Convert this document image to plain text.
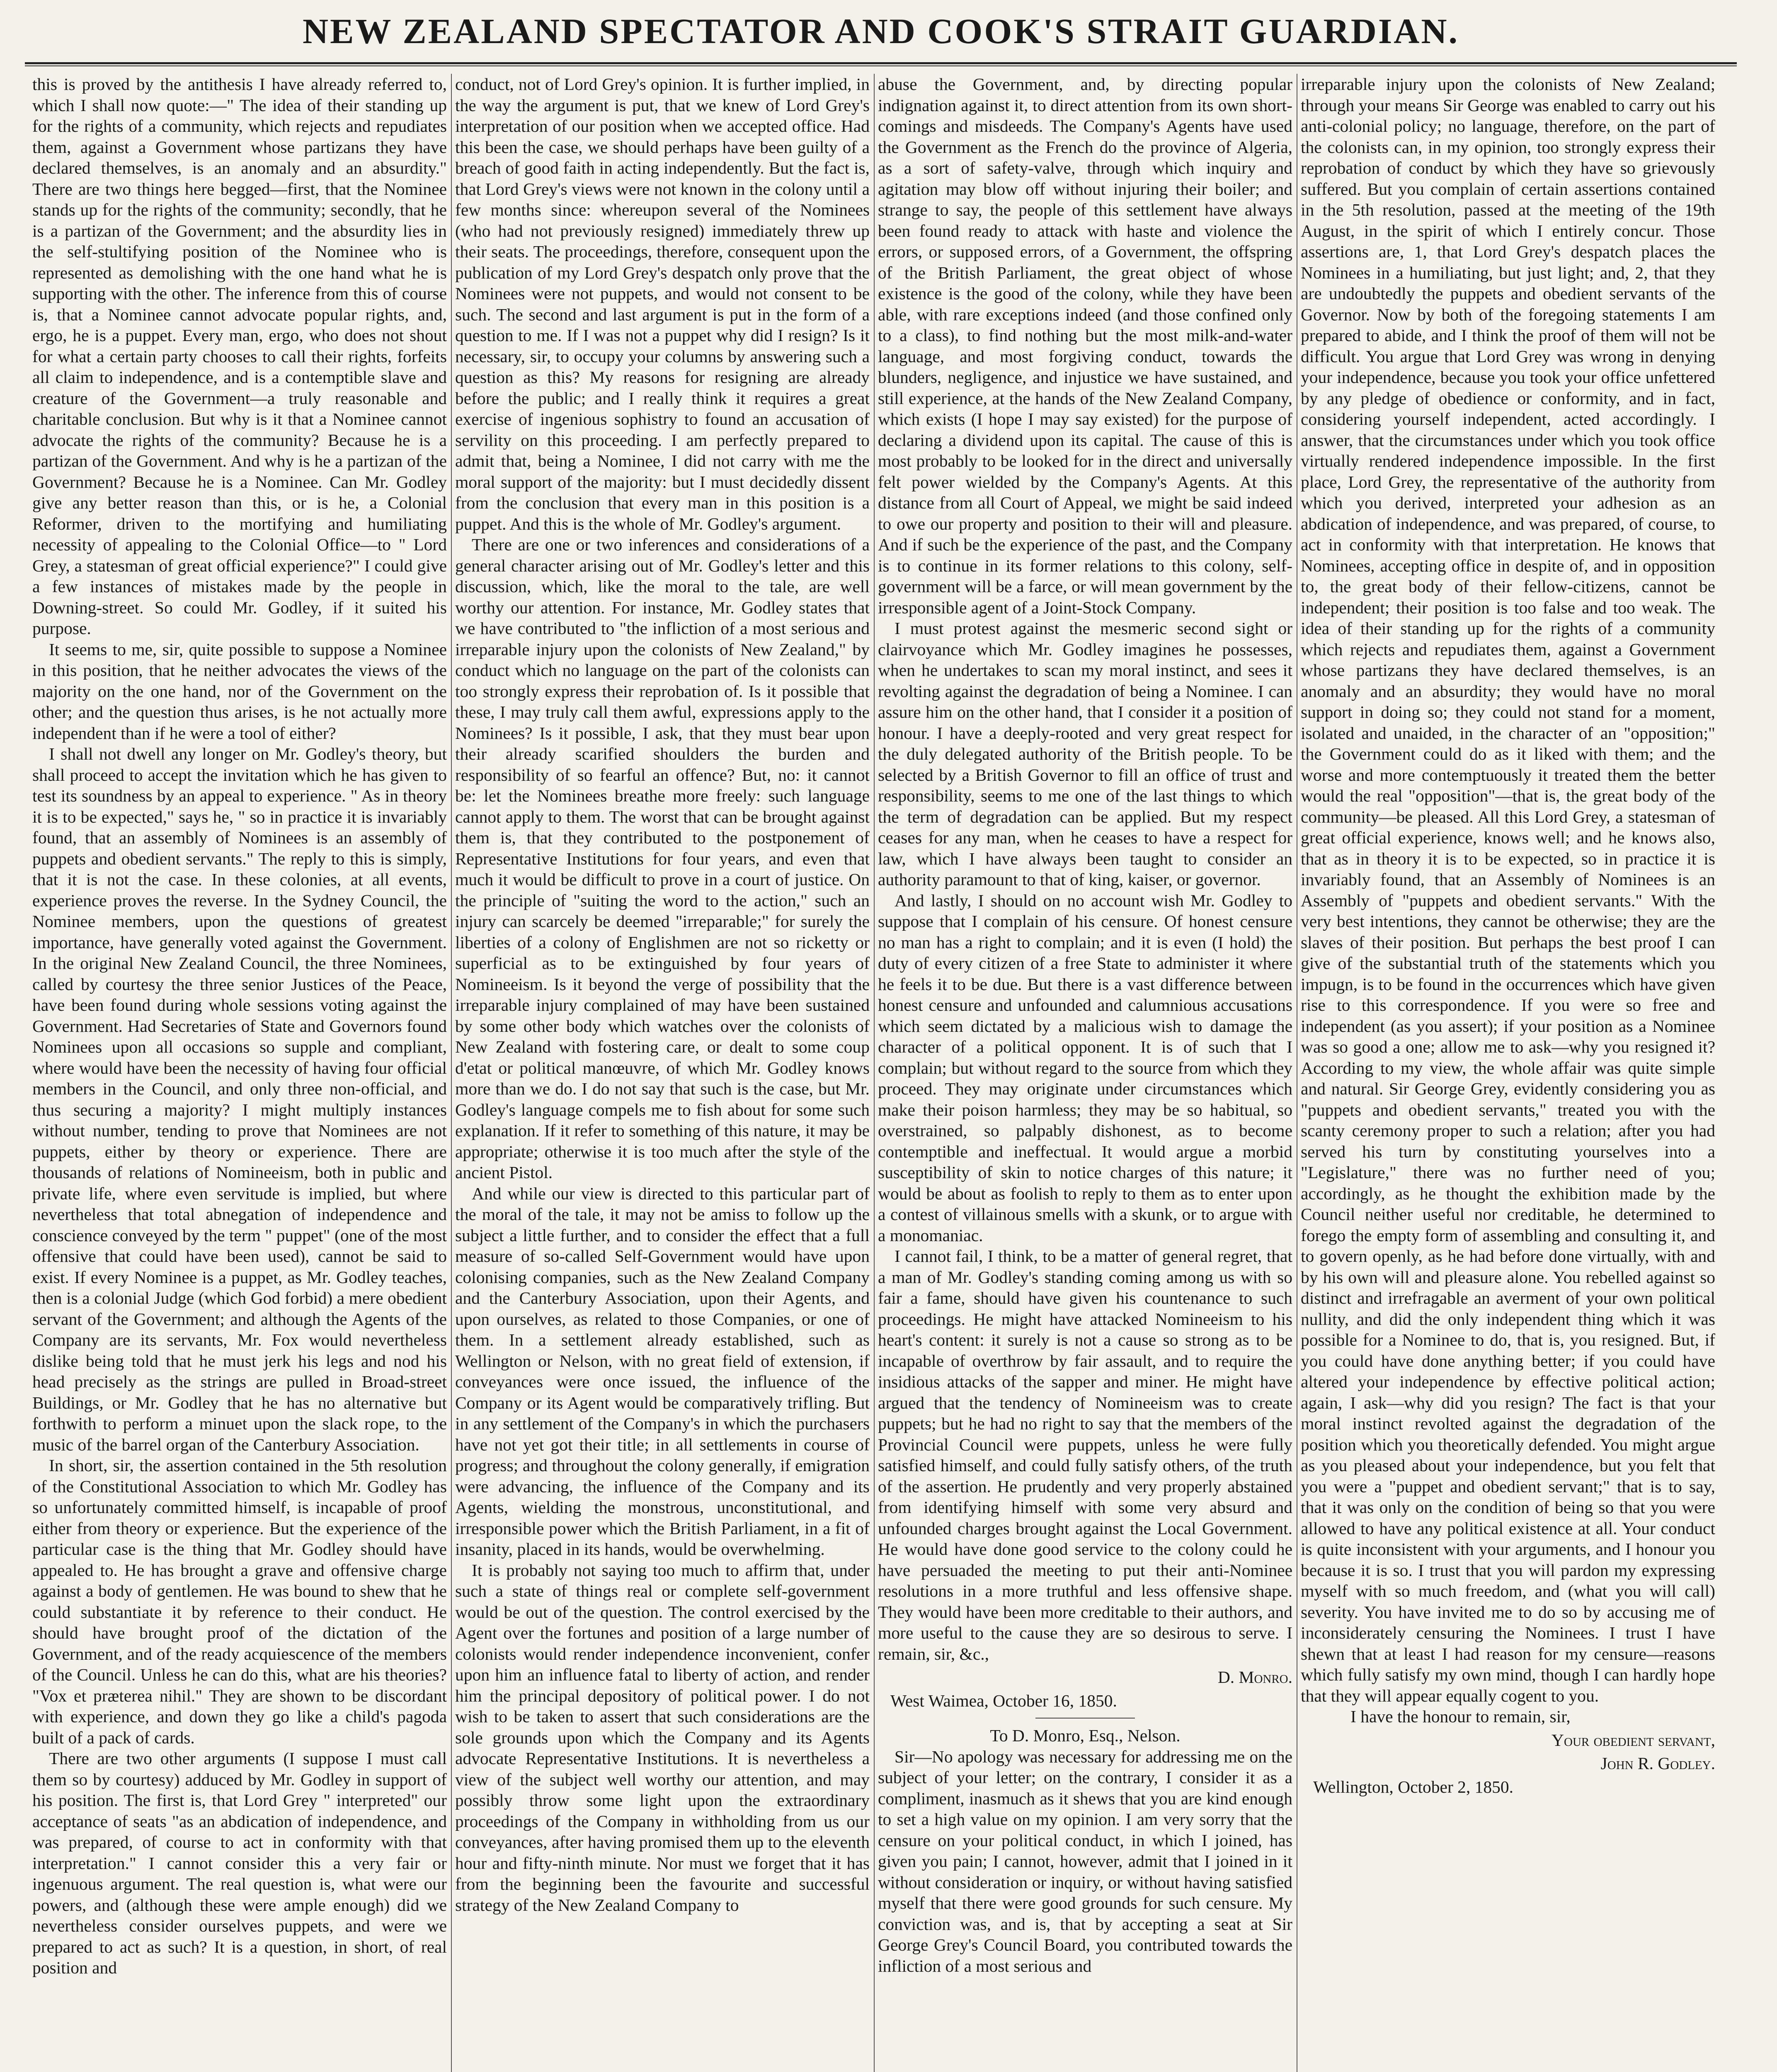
NEW ZEALAND SPECTATOR AND COOK'S STRAIT GUARDIAN.

this is proved by the antithesis I have already referred to, which I shall now quote:—" The idea of their standing up for the rights of a community, which rejects and repudiates them, against a Government whose partizans they have declared themselves, is an anomaly and an absurdity." There are two things here begged—first, that the Nominee stands up for the rights of the community; secondly, that he is a partizan of the Government; and the absurdity lies in the self-stultifying position of the Nominee who is represented as demolishing with the one hand what he is supporting with the other. The inference from this of course is, that a Nominee cannot advocate popular rights, and, ergo, he is a puppet. Every man, ergo, who does not shout for what a certain party chooses to call their rights, forfeits all claim to independence, and is a contemptible slave and creature of the Government—a truly reasonable and charitable conclusion. But why is it that a Nominee cannot advocate the rights of the community? Because he is a partizan of the Government. And why is he a partizan of the Government? Because he is a Nominee. Can Mr. Godley give any better reason than this, or is he, a Colonial Reformer, driven to the mortifying and humiliating necessity of appealing to the Colonial Office—to " Lord Grey, a statesman of great official experience?" I could give a few instances of mistakes made by the people in Downing-street. So could Mr. Godley, if it suited his purpose.

It seems to me, sir, quite possible to suppose a Nominee in this position, that he neither advocates the views of the majority on the one hand, nor of the Government on the other; and the question thus arises, is he not actually more independent than if he were a tool of either?

I shall not dwell any longer on Mr. Godley's theory, but shall proceed to accept the invitation which he has given to test its soundness by an appeal to experience. " As in theory it is to be expected," says he, " so in practice it is invariably found, that an assembly of Nominees is an assembly of puppets and obedient servants." The reply to this is simply, that it is not the case. In these colonies, at all events, experience proves the reverse. In the Sydney Council, the Nominee members, upon the questions of greatest importance, have generally voted against the Government. In the original New Zealand Council, the three Nominees, called by courtesy the three senior Justices of the Peace, have been found during whole sessions voting against the Government. Had Secretaries of State and Governors found Nominees upon all occasions so supple and compliant, where would have been the necessity of having four official members in the Council, and only three non-official, and thus securing a majority? I might multiply instances without number, tending to prove that Nominees are not puppets, either by theory or experience. There are thousands of relations of Nomineeism, both in public and private life, where even servitude is implied, but where nevertheless that total abnegation of independence and conscience conveyed by the term " puppet" (one of the most offensive that could have been used), cannot be said to exist. If every Nominee is a puppet, as Mr. Godley teaches, then is a colonial Judge (which God forbid) a mere obedient servant of the Government; and although the Agents of the Company are its servants, Mr. Fox would nevertheless dislike being told that he must jerk his legs and nod his head precisely as the strings are pulled in Broad-street Buildings, or Mr. Godley that he has no alternative but forthwith to perform a minuet upon the slack rope, to the music of the barrel organ of the Canterbury Association.

In short, sir, the assertion contained in the 5th resolution of the Constitutional Association to which Mr. Godley has so unfortunately committed himself, is incapable of proof either from theory or experience. But the experience of the particular case is the thing that Mr. Godley should have appealed to. He has brought a grave and offensive charge against a body of gentlemen. He was bound to shew that he could substantiate it by reference to their conduct. He should have brought proof of the dictation of the Government, and of the ready acquiescence of the members of the Council. Unless he can do this, what are his theories? "Vox et præterea nihil." They are shown to be discordant with experience, and down they go like a child's pagoda built of a pack of cards.

There are two other arguments (I suppose I must call them so by courtesy) adduced by Mr. Godley in support of his position. The first is, that Lord Grey " interpreted" our acceptance of seats "as an abdication of independence, and was prepared, of course to act in conformity with that interpretation." I cannot consider this a very fair or ingenuous argument. The real question is, what were our powers, and (although these were ample enough) did we nevertheless consider ourselves puppets, and were we prepared to act as such? It is a question, in short, of real position and

conduct, not of Lord Grey's opinion. It is further implied, in the way the argument is put, that we knew of Lord Grey's interpretation of our position when we accepted office. Had this been the case, we should perhaps have been guilty of a breach of good faith in acting independently. But the fact is, that Lord Grey's views were not known in the colony until a few months since: whereupon several of the Nominees (who had not previously resigned) immediately threw up their seats. The proceedings, therefore, consequent upon the publication of my Lord Grey's despatch only prove that the Nominees were not puppets, and would not consent to be such. The second and last argument is put in the form of a question to me. If I was not a puppet why did I resign? Is it necessary, sir, to occupy your columns by answering such a question as this? My reasons for resigning are already before the public; and I really think it requires a great exercise of ingenious sophistry to found an accusation of servility on this proceeding. I am perfectly prepared to admit that, being a Nominee, I did not carry with me the moral support of the majority: but I must decidedly dissent from the conclusion that every man in this position is a puppet. And this is the whole of Mr. Godley's argument.

There are one or two inferences and considerations of a general character arising out of Mr. Godley's letter and this discussion, which, like the moral to the tale, are well worthy our attention. For instance, Mr. Godley states that we have contributed to "the infliction of a most serious and irreparable injury upon the colonists of New Zealand," by conduct which no language on the part of the colonists can too strongly express their reprobation of. Is it possible that these, I may truly call them awful, expressions apply to the Nominees? Is it possible, I ask, that they must bear upon their already scarified shoulders the burden and responsibility of so fearful an offence? But, no: it cannot be: let the Nominees breathe more freely: such language cannot apply to them. The worst that can be brought against them is, that they contributed to the postponement of Representative Institutions for four years, and even that much it would be difficult to prove in a court of justice. On the principle of "suiting the word to the action," such an injury can scarcely be deemed "irreparable;" for surely the liberties of a colony of Englishmen are not so ricketty or superficial as to be extinguished by four years of Nomineeism. Is it beyond the verge of possibility that the irreparable injury complained of may have been sustained by some other body which watches over the colonists of New Zealand with fostering care, or dealt to some coup d'etat or political manœuvre, of which Mr. Godley knows more than we do. I do not say that such is the case, but Mr. Godley's language compels me to fish about for some such explanation. If it refer to something of this nature, it may be appropriate; otherwise it is too much after the style of the ancient Pistol.

And while our view is directed to this particular part of the moral of the tale, it may not be amiss to follow up the subject a little further, and to consider the effect that a full measure of so-called Self-Government would have upon colonising companies, such as the New Zealand Company and the Canterbury Association, upon their Agents, and upon ourselves, as related to those Companies, or one of them. In a settlement already established, such as Wellington or Nelson, with no great field of extension, if conveyances were once issued, the influence of the Company or its Agent would be comparatively trifling. But in any settlement of the Company's in which the purchasers have not yet got their title; in all settlements in course of progress; and throughout the colony generally, if emigration were advancing, the influence of the Company and its Agents, wielding the monstrous, unconstitutional, and irresponsible power which the British Parliament, in a fit of insanity, placed in its hands, would be overwhelming.

It is probably not saying too much to affirm that, under such a state of things real or complete self-government would be out of the question. The control exercised by the Agent over the fortunes and position of a large number of colonists would render independence inconvenient, confer upon him an influence fatal to liberty of action, and render him the principal depository of political power. I do not wish to be taken to assert that such considerations are the sole grounds upon which the Company and its Agents advocate Representative Institutions. It is nevertheless a view of the subject well worthy our attention, and may possibly throw some light upon the extraordinary proceedings of the Company in withholding from us our conveyances, after having promised them up to the eleventh hour and fifty-ninth minute. Nor must we forget that it has from the beginning been the favourite and successful strategy of the New Zealand Company to

abuse the Government, and, by directing popular indignation against it, to direct attention from its own short-comings and misdeeds. The Company's Agents have used the Government as the French do the province of Algeria, as a sort of safety-valve, through which inquiry and agitation may blow off without injuring their boiler; and strange to say, the people of this settlement have always been found ready to attack with haste and violence the errors, or supposed errors, of a Government, the offspring of the British Parliament, the great object of whose existence is the good of the colony, while they have been able, with rare exceptions indeed (and those confined only to a class), to find nothing but the most milk-and-water language, and most forgiving conduct, towards the blunders, negligence, and injustice we have sustained, and still experience, at the hands of the New Zealand Company, which exists (I hope I may say existed) for the purpose of declaring a dividend upon its capital. The cause of this is most probably to be looked for in the direct and universally felt power wielded by the Company's Agents. At this distance from all Court of Appeal, we might be said indeed to owe our property and position to their will and pleasure. And if such be the experience of the past, and the Company is to continue in its former relations to this colony, self-government will be a farce, or will mean government by the irresponsible agent of a Joint-Stock Company.

I must protest against the mesmeric second sight or clairvoyance which Mr. Godley imagines he possesses, when he undertakes to scan my moral instinct, and sees it revolting against the degradation of being a Nominee. I can assure him on the other hand, that I consider it a position of honour. I have a deeply-rooted and very great respect for the duly delegated authority of the British people. To be selected by a British Governor to fill an office of trust and responsibility, seems to me one of the last things to which the term of degradation can be applied. But my respect ceases for any man, when he ceases to have a respect for law, which I have always been taught to consider an authority paramount to that of king, kaiser, or governor.

And lastly, I should on no account wish Mr. Godley to suppose that I complain of his censure. Of honest censure no man has a right to complain; and it is even (I hold) the duty of every citizen of a free State to administer it where he feels it to be due. But there is a vast difference between honest censure and unfounded and calumnious accusations which seem dictated by a malicious wish to damage the character of a political opponent. It is of such that I complain; but without regard to the source from which they proceed. They may originate under circumstances which make their poison harmless; they may be so habitual, so overstrained, so palpably dishonest, as to become contemptible and ineffectual. It would argue a morbid susceptibility of skin to notice charges of this nature; it would be about as foolish to reply to them as to enter upon a contest of villainous smells with a skunk, or to argue with a monomaniac.

I cannot fail, I think, to be a matter of general regret, that a man of Mr. Godley's standing coming among us with so fair a fame, should have given his countenance to such proceedings. He might have attacked Nomineeism to his heart's content: it surely is not a cause so strong as to be incapable of overthrow by fair assault, and to require the insidious attacks of the sapper and miner. He might have argued that the tendency of Nomineeism was to create puppets; but he had no right to say that the members of the Provincial Council were puppets, unless he were fully satisfied himself, and could fully satisfy others, of the truth of the assertion. He prudently and very properly abstained from identifying himself with some very absurd and unfounded charges brought against the Local Government. He would have done good service to the colony could he have persuaded the meeting to put their anti-Nominee resolutions in a more truthful and less offensive shape. They would have been more creditable to their authors, and more useful to the cause they are so desirous to serve. I remain, sir, &c.,

D. Monro.

West Waimea, October 16, 1850.

To D. Monro, Esq., Nelson.

Sir—No apology was necessary for addressing me on the subject of your letter; on the contrary, I consider it as a compliment, inasmuch as it shews that you are kind enough to set a high value on my opinion. I am very sorry that the censure on your political conduct, in which I joined, has given you pain; I cannot, however, admit that I joined in it without consideration or inquiry, or without having satisfied myself that there were good grounds for such censure. My conviction was, and is, that by accepting a seat at Sir George Grey's Council Board, you contributed towards the infliction of a most serious and

irreparable injury upon the colonists of New Zealand; through your means Sir George was enabled to carry out his anti-colonial policy; no language, therefore, on the part of the colonists can, in my opinion, too strongly express their reprobation of conduct by which they have so grievously suffered. But you complain of certain assertions contained in the 5th resolution, passed at the meeting of the 19th August, in the spirit of which I entirely concur. Those assertions are, 1, that Lord Grey's despatch places the Nominees in a humiliating, but just light; and, 2, that they are undoubtedly the puppets and obedient servants of the Governor. Now by both of the foregoing statements I am prepared to abide, and I think the proof of them will not be difficult. You argue that Lord Grey was wrong in denying your independence, because you took your office unfettered by any pledge of obedience or conformity, and in fact, considering yourself independent, acted accordingly. I answer, that the circumstances under which you took office virtually rendered independence impossible. In the first place, Lord Grey, the representative of the authority from which you derived, interpreted your adhesion as an abdication of independence, and was prepared, of course, to act in conformity with that interpretation. He knows that Nominees, accepting office in despite of, and in opposition to, the great body of their fellow-citizens, cannot be independent; their position is too false and too weak. The idea of their standing up for the rights of a community which rejects and repudiates them, against a Government whose partizans they have declared themselves, is an anomaly and an absurdity; they would have no moral support in doing so; they could not stand for a moment, isolated and unaided, in the character of an "opposition;" the Government could do as it liked with them; and the worse and more contemptuously it treated them the better would the real "opposition"—that is, the great body of the community—be pleased. All this Lord Grey, a statesman of great official experience, knows well; and he knows also, that as in theory it is to be expected, so in practice it is invariably found, that an Assembly of Nominees is an Assembly of "puppets and obedient servants." With the very best intentions, they cannot be otherwise; they are the slaves of their position. But perhaps the best proof I can give of the substantial truth of the statements which you impugn, is to be found in the occurrences which have given rise to this correspondence. If you were so free and independent (as you assert); if your position as a Nominee was so good a one; allow me to ask—why you resigned it? According to my view, the whole affair was quite simple and natural. Sir George Grey, evidently considering you as "puppets and obedient servants," treated you with the scanty ceremony proper to such a relation; after you had served his turn by constituting yourselves into a "Legislature," there was no further need of you; accordingly, as he thought the exhibition made by the Council neither useful nor creditable, he determined to forego the empty form of assembling and consulting it, and to govern openly, as he had before done virtually, with and by his own will and pleasure alone. You rebelled against so distinct and irrefragable an averment of your own political nullity, and did the only independent thing which it was possible for a Nominee to do, that is, you resigned. But, if you could have done anything better; if you could have altered your independence by effective political action; again, I ask—why did you resign? The fact is that your moral instinct revolted against the degradation of the position which you theoretically defended. You might argue as you pleased about your independence, but you felt that you were a "puppet and obedient servant;" that is to say, that it was only on the condition of being so that you were allowed to have any political existence at all. Your conduct is quite inconsistent with your arguments, and I honour you because it is so. I trust that you will pardon my expressing myself with so much freedom, and (what you will call) severity. You have invited me to do so by accusing me of inconsiderately censuring the Nominees. I trust I have shewn that at least I had reason for my censure—reasons which fully satisfy my own mind, though I can hardly hope that they will appear equally cogent to you.

I have the honour to remain, sir,

Your obedient servant,

John R. Godley.

Wellington, October 2, 1850.
